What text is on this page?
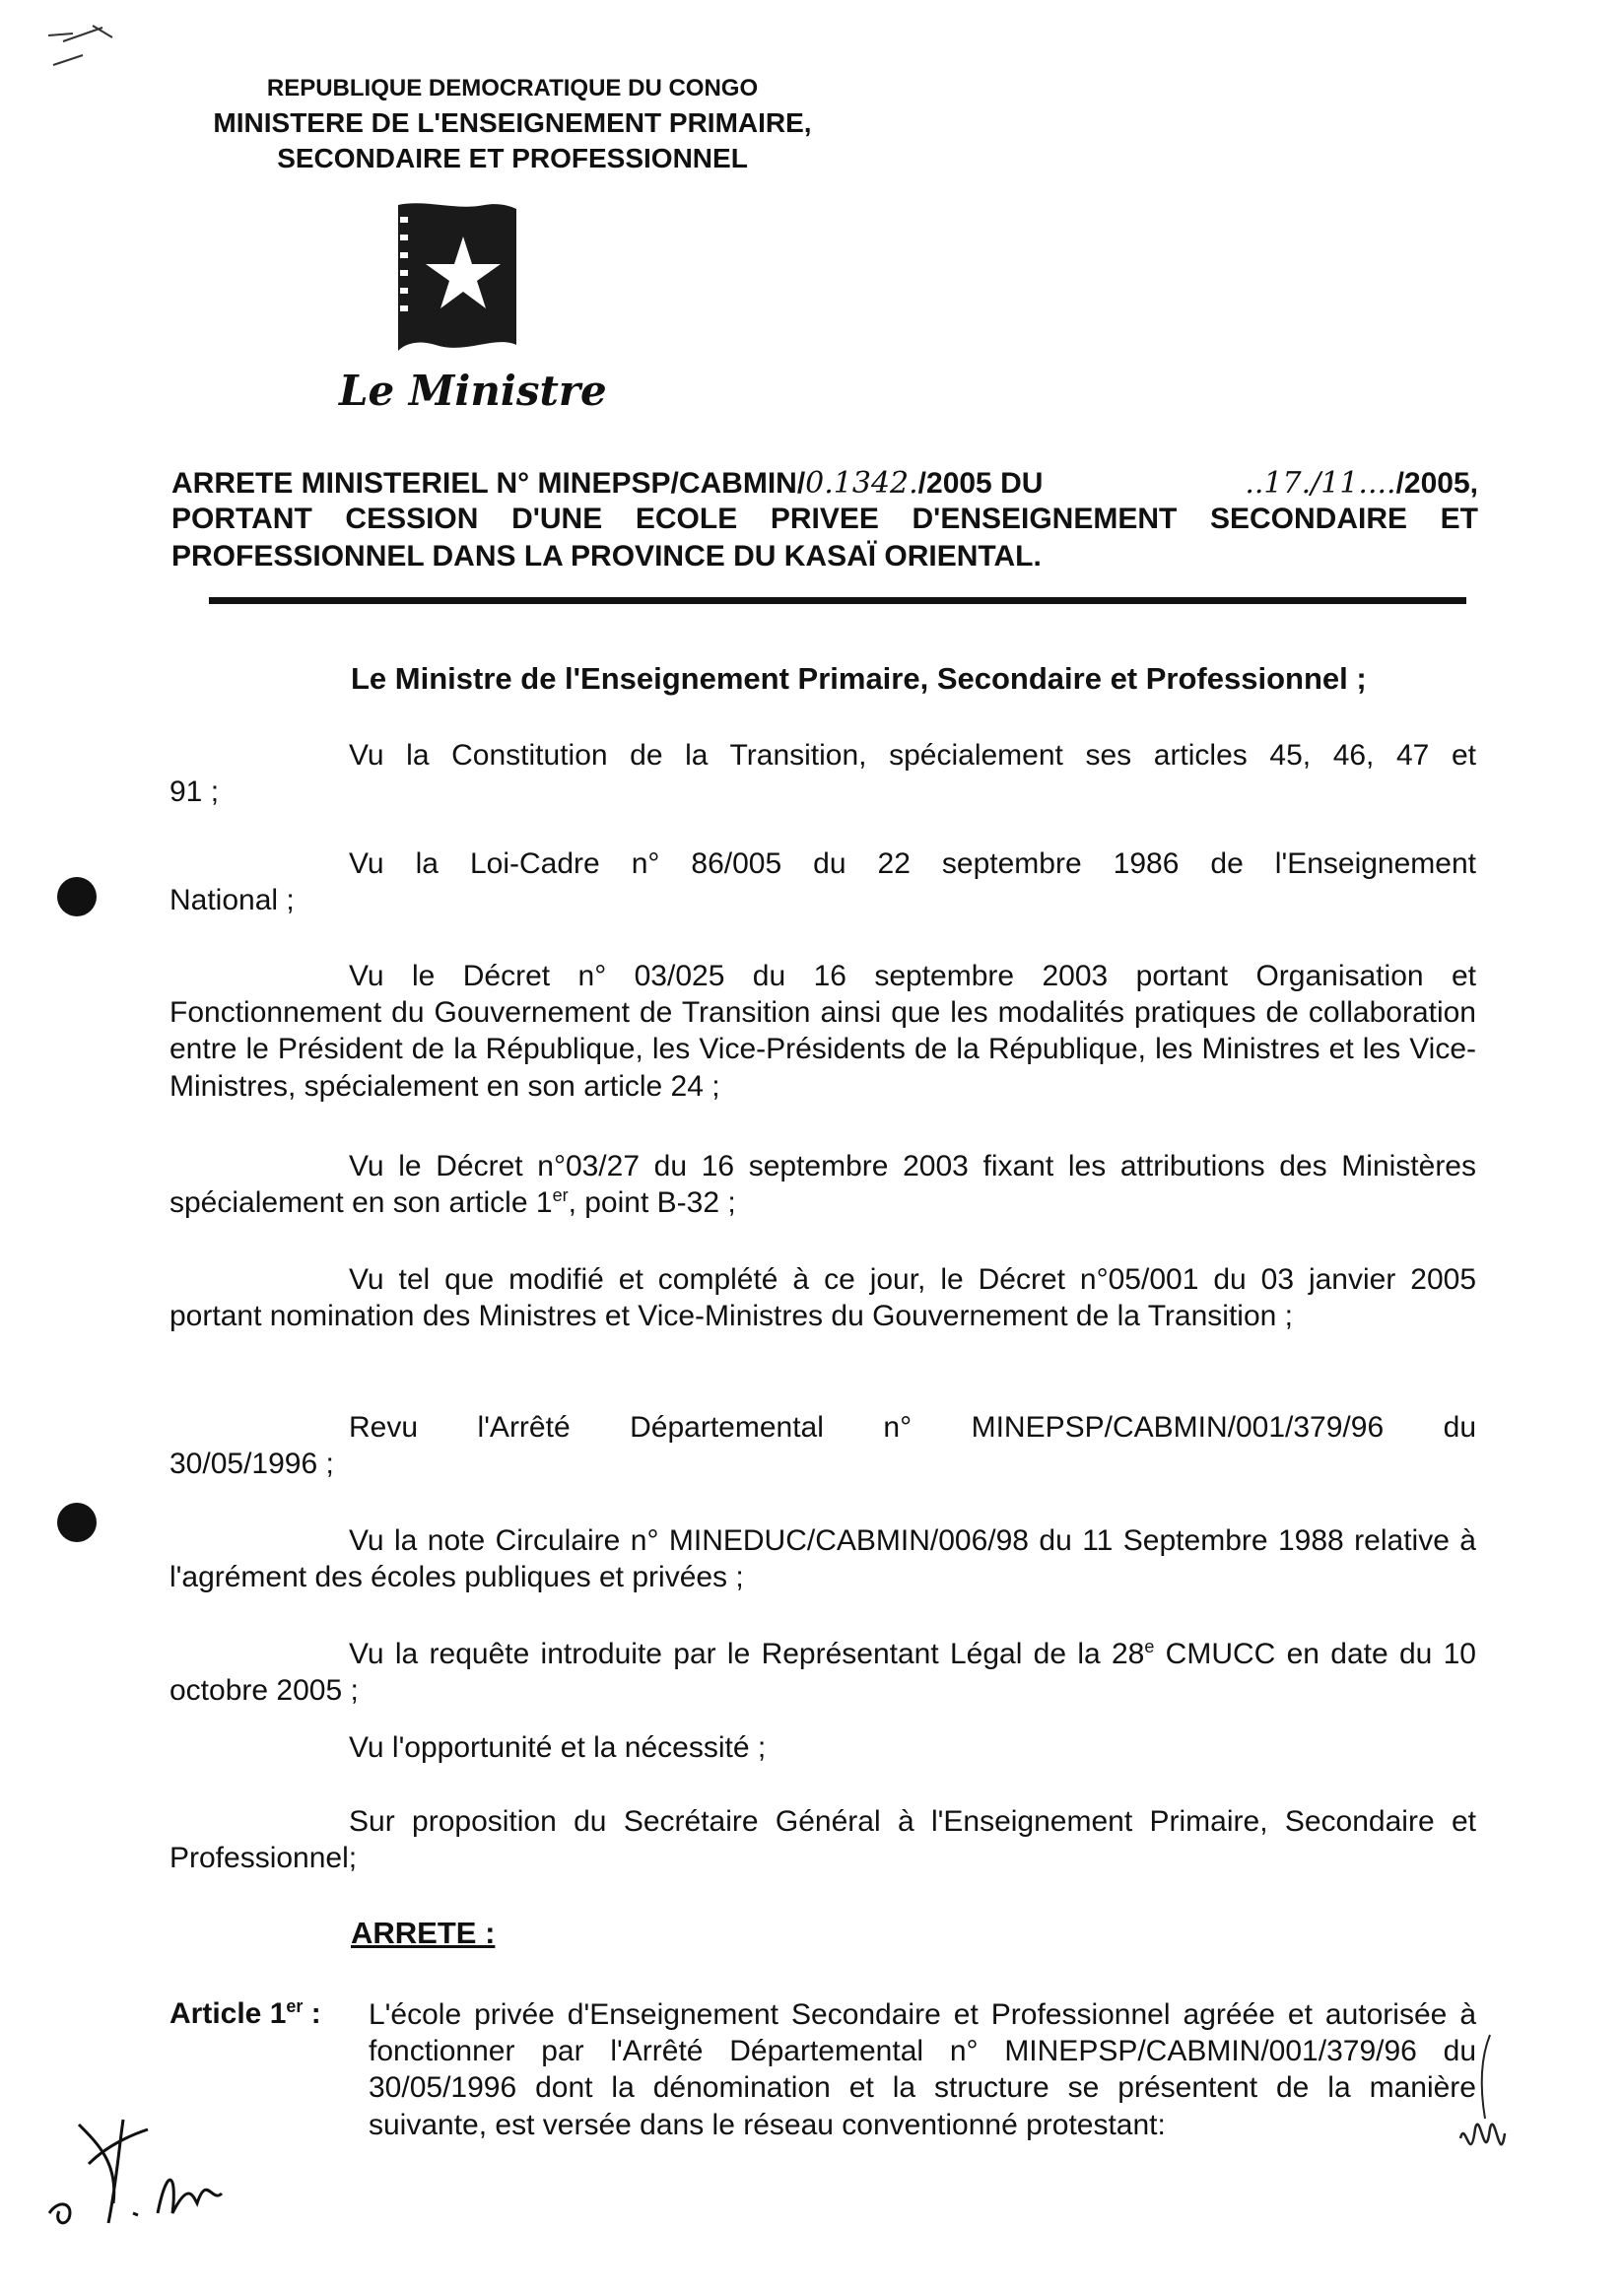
REPUBLIQUE DEMOCRATIQUE DU CONGO
MINISTERE DE L'ENSEIGNEMENT PRIMAIRE,
SECONDAIRE ET PROFESSIONNEL
Le Ministre
ARRETE MINISTERIEL N° MINEPSP/CABMIN/0.1342./2005 DU	..17./11..../2005,
PORTANT CESSION D'UNE ECOLE PRIVEE D'ENSEIGNEMENT SECONDAIRE ET
PROFESSIONNEL DANS LA PROVINCE DU KASAÏ ORIENTAL.
Le Ministre de l'Enseignement Primaire, Secondaire et Professionnel ;
Vu la Constitution de la Transition, spécialement ses articles 45, 46, 47 et
91 ;
Vu la Loi-Cadre n° 86/005 du 22 septembre 1986 de l'Enseignement
National ;
Vu le Décret n° 03/025 du 16 septembre 2003 portant Organisation et Fonctionnement du Gouvernement de Transition ainsi que les modalités pratiques de collaboration entre le Président de la République, les Vice-Présidents de la République, les Ministres et les Vice-Ministres, spécialement en son article 24 ;
Vu le Décret n°03/27 du 16 septembre 2003 fixant les attributions des Ministères spécialement en son article 1er, point B-32 ;
Vu tel que modifié et complété à ce jour, le Décret n°05/001 du 03 janvier 2005 portant nomination des Ministres et Vice-Ministres du Gouvernement de la Transition ;
Revu l'Arrêté Départemental n° MINEPSP/CABMIN/001/379/96 du
30/05/1996 ;
Vu la note Circulaire n° MINEDUC/CABMIN/006/98 du 11 Septembre 1988 relative à l'agrément des écoles publiques et privées ;
Vu la requête introduite par le Représentant Légal de la 28e CMUCC en date du 10 octobre 2005 ;
Vu l'opportunité et la nécessité ;
Sur proposition du Secrétaire Général à l'Enseignement Primaire, Secondaire et Professionnel;
ARRETE :
Article 1er : L'école privée d'Enseignement Secondaire et Professionnel agréée et autorisée à fonctionner par l'Arrêté Départemental n° MINEPSP/CABMIN/001/379/96 du 30/05/1996 dont la dénomination et la structure se présentent de la manière suivante, est versée dans le réseau conventionné protestant:
